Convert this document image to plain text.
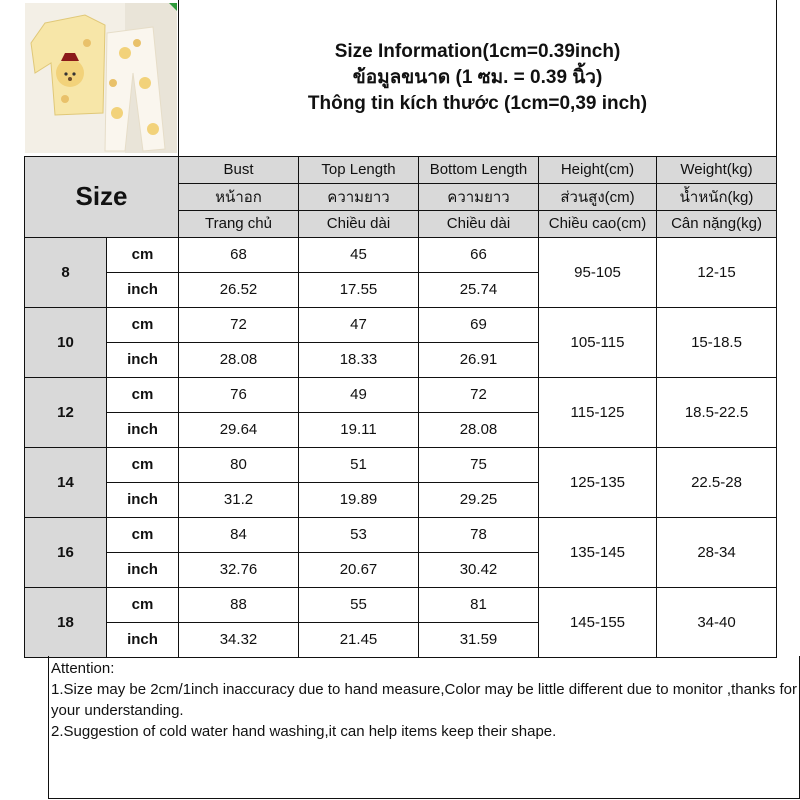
Size Information(1cm=0.39inch)
ข้อมูลขนาด (1 ซม. = 0.39 นิ้ว)
Thông tin kích thước (1cm=0,39 inch)				

Size		Bust	Top Length	Bottom Length	Height(cm)	Weight(kg)
		หน้าอก	ความยาว	ความยาว	ส่วนสูง(cm)	น้ำหนัก(kg)
		Trang chủ	Chiều dài	Chiều dài	Chiều cao(cm)	Cân nặng(kg)
8	cm	68	45	66	95-105	12-15
	inch	26.52	17.55	25.74		
10	cm	72	47	69	105-115	15-18.5
	inch	28.08	18.33	26.91		
12	cm	76	49	72	115-125	18.5-22.5
	inch	29.64	19.11	28.08		
14	cm	80	51	75	125-135	22.5-28
	inch	31.2	19.89	29.25		
16	cm	84	53	78	135-145	28-34
	inch	32.76	20.67	30.42		
18	cm	88	55	81	145-155	34-40
	inch	34.32	21.45	31.59		

Attention:

1.Size may be 2cm/1inch inaccuracy due to hand measure,Color may be little different due to monitor ,thanks for your understanding.

2.Suggestion of cold water hand washing,it can help items keep their shape.
